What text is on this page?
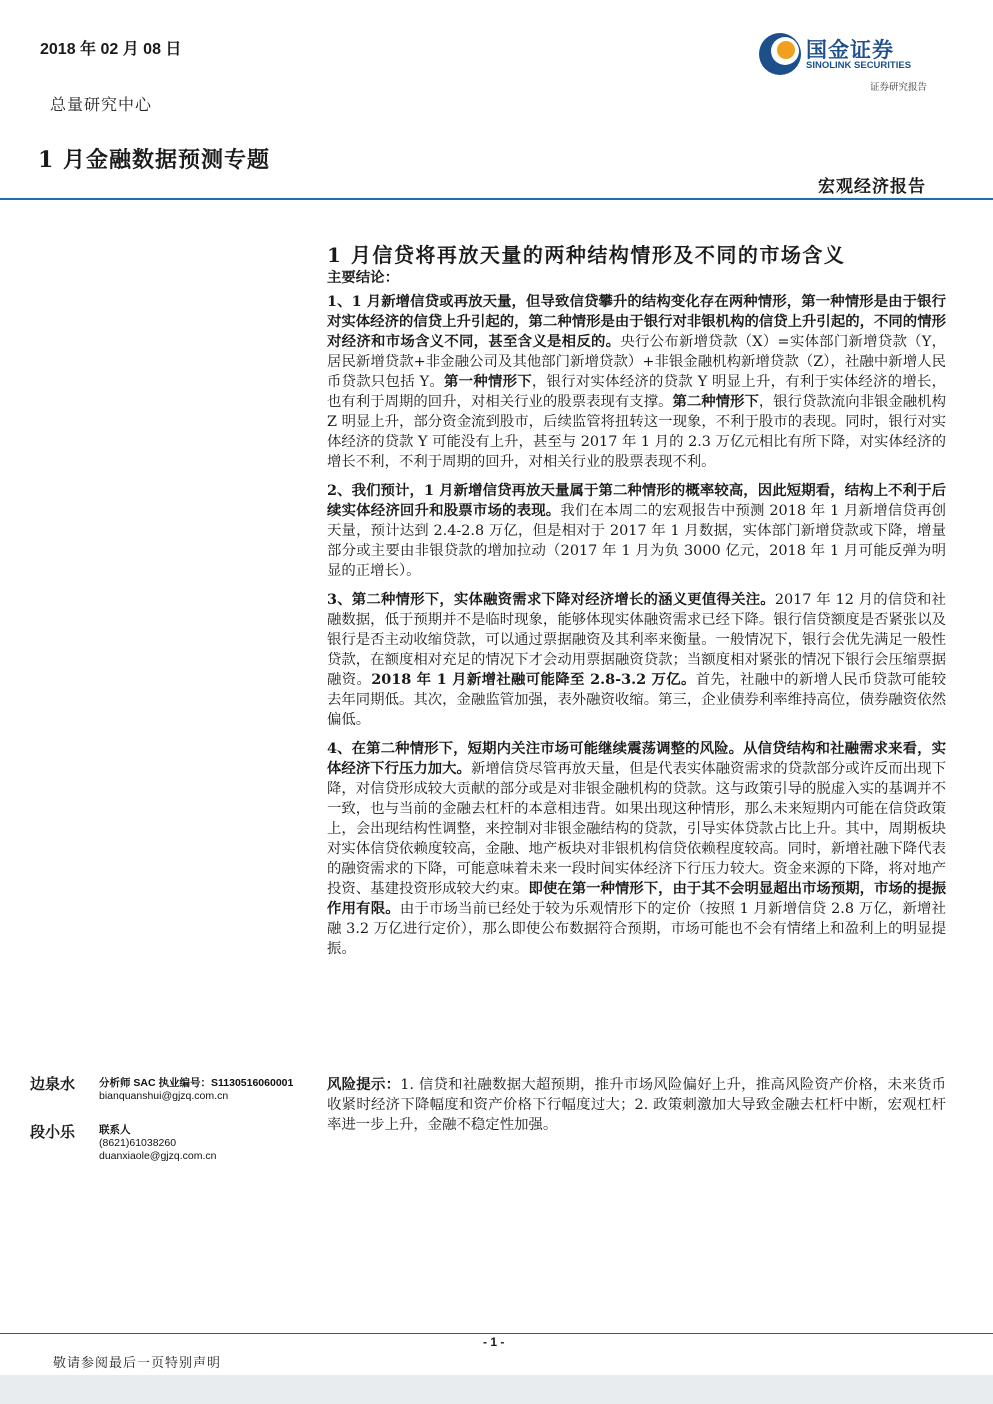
2018 年 02 月 08 日
总量研究中心
1 月金融数据预测专题
国金证券
SINOLINK SECURITIES
证券研究报告
宏观经济报告
1 月信贷将再放天量的两种结构情形及不同的市场含义

主要结论：

1、1 月新增信贷或再放天量，但导致信贷攀升的结构变化存在两种情形，第一种情形是由于银行对实体经济的信贷上升引起的，第二种情形是由于银行对非银机构的信贷上升引起的，不同的情形对经济和市场含义不同，甚至含义是相反的。央行公布新增贷款（X）=实体部门新增贷款（Y，居民新增贷款+非金融公司及其他部门新增贷款）+非银金融机构新增贷款（Z），社融中新增人民币贷款只包括 Y。第一种情形下，银行对实体经济的贷款 Y 明显上升，有利于实体经济的增长，也有利于周期的回升，对相关行业的股票表现有支撑。第二种情形下，银行贷款流向非银金融机构 Z 明显上升，部分资金流到股市，后续监管将扭转这一现象，不利于股市的表现。同时，银行对实体经济的贷款 Y 可能没有上升，甚至与 2017 年 1 月的 2.3 万亿元相比有所下降，对实体经济的增长不利，不利于周期的回升，对相关行业的股票表现不利。

2、我们预计，1 月新增信贷再放天量属于第二种情形的概率较高，因此短期看，结构上不利于后续实体经济回升和股票市场的表现。我们在本周二的宏观报告中预测 2018 年 1 月新增信贷再创天量，预计达到 2.4-2.8 万亿，但是相对于 2017 年 1 月数据，实体部门新增贷款或下降，增量部分或主要由非银贷款的增加拉动（2017 年 1 月为负 3000 亿元，2018 年 1 月可能反弹为明显的正增长）。

3、第二种情形下，实体融资需求下降对经济增长的涵义更值得关注。2017 年 12 月的信贷和社融数据，低于预期并不是临时现象，能够体现实体融资需求已经下降。银行信贷额度是否紧张以及银行是否主动收缩贷款，可以通过票据融资及其利率来衡量。一般情况下，银行会优先满足一般性贷款，在额度相对充足的情况下才会动用票据融资贷款；当额度相对紧张的情况下银行会压缩票据融资。2018 年 1 月新增社融可能降至 2.8-3.2 万亿。首先，社融中的新增人民币贷款可能较去年同期低。其次，金融监管加强，表外融资收缩。第三，企业债券利率维持高位，债券融资依然偏低。

4、在第二种情形下，短期内关注市场可能继续震荡调整的风险。从信贷结构和社融需求来看，实体经济下行压力加大。新增信贷尽管再放天量，但是代表实体融资需求的贷款部分或许反而出现下降，对信贷形成较大贡献的部分或是对非银金融机构的贷款。这与政策引导的脱虚入实的基调并不一致，也与当前的金融去杠杆的本意相违背。如果出现这种情形，那么未来短期内可能在信贷政策上，会出现结构性调整，来控制对非银金融结构的贷款，引导实体贷款占比上升。其中，周期板块对实体信贷依赖度较高，金融、地产板块对非银机构信贷依赖程度较高。同时，新增社融下降代表的融资需求的下降，可能意味着未来一段时间实体经济下行压力较大。资金来源的下降，将对地产投资、基建投资形成较大约束。即使在第一种情形下，由于其不会明显超出市场预期，市场的提振作用有限。由于市场当前已经处于较为乐观情形下的定价（按照 1 月新增信贷 2.8 万亿，新增社融 3.2 万亿进行定价），那么即使公布数据符合预期，市场可能也不会有情绪上和盈利上的明显提振。

边泉水 分析师 SAC 执业编号：S1130516060001
bianquanshui@gjzq.com.cn
段小乐 联系人
(8621)61038260
duanxiaole@gjzq.com.cn
风险提示：1. 信贷和社融数据大超预期，推升市场风险偏好上升，推高风险资产价格，未来货币收紧时经济下降幅度和资产价格下行幅度过大；2. 政策刺激加大导致金融去杠杆中断，宏观杠杆率进一步上升，金融不稳定性加强。
- 1 -
敬请参阅最后一页特别声明
